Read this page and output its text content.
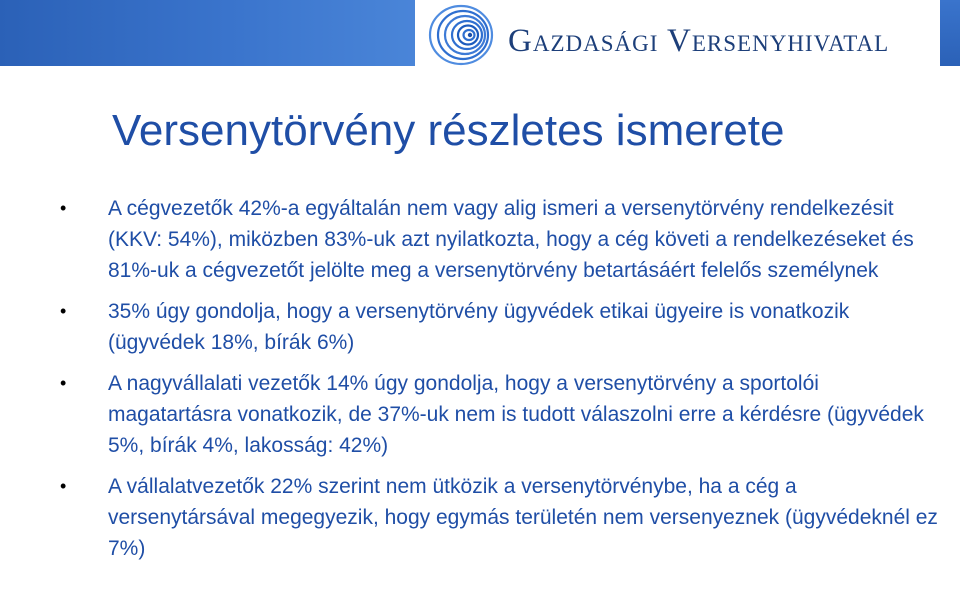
Gazdasági Versenyhivatal
Versenytörvény részletes ismerete
• A cégvezetők 42%-a egyáltalán nem vagy alig ismeri a versenytörvény rendelkezésit (KKV: 54%), miközben 83%-uk azt nyilatkozta, hogy a cég követi a rendelkezéseket és 81%-uk a cégvezetőt jelölte meg a versenytörvény betartásáért felelős személynek
• 35% úgy gondolja, hogy a versenytörvény ügyvédek etikai ügyeire is vonatkozik (ügyvédek 18%, bírák 6%)
• A nagyvállalati vezetők 14% úgy gondolja, hogy a versenytörvény a sportolói magatartásra vonatkozik, de 37%-uk nem is tudott válaszolni erre a kérdésre (ügyvédek 5%, bírák 4%, lakosság: 42%)
• A vállalatvezetők 22% szerint nem ütközik a versenytörvénybe, ha a cég a versenytársával megegyezik, hogy egymás területén nem versenyeznek (ügyvédeknél ez 7%)
